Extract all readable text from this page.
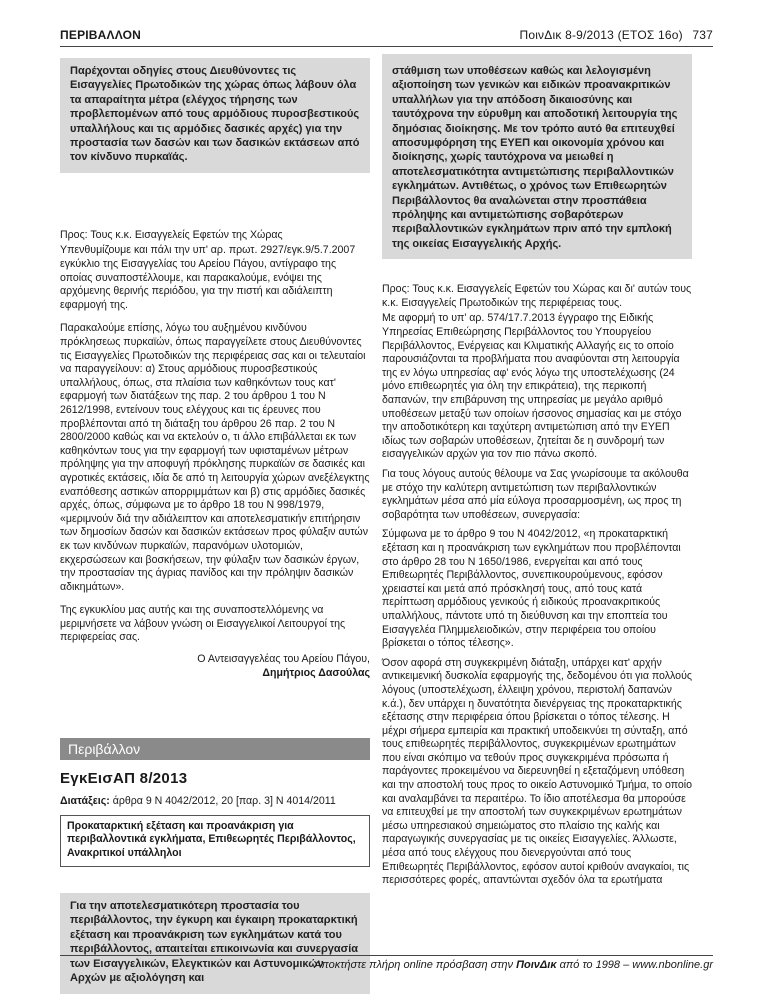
ΠΕΡΙΒΑΛΛΟΝ	ΠοινΔικ 8-9/2013 (ΕΤΟΣ 16ο) 737
Παρέχονται οδηγίες στους Διευθύνοντες τις Εισαγγελίες Πρωτοδικών της χώρας όπως λάβουν όλα τα απαραίτητα μέτρα (ελέγχος τήρησης των προβλεπομένων από τους αρμόδιους πυροσβεστικούς υπαλλήλους και τις αρμόδιες δασικές αρχές) για την προστασία των δασών και των δασικών εκτάσεων από τον κίνδυνο πυρκαϊάς.
Προς: Τους κ.κ. Εισαγγελείς Εφετών της Χώρας
Υπενθυμίζουμε και πάλι την υπ' αρ. πρωτ. 2927/εγκ.9/5.7.2007 εγκύκλιο της Εισαγγελίας του Αρείου Πάγου, αντίγραφο της οποίας συναποστέλλουμε, και παρακαλούμε, ενόψει της αρχόμενης θερινής περιόδου, για την πιστή και αδιάλειπτη εφαρμογή της.
Παρακαλούμε επίσης, λόγω του αυξημένου κινδύνου πρόκλησεως πυρκαϊών, όπως παραγγείλετε στους Διευθύνοντες τις Εισαγγελίες Πρωτοδικών της περιφέρειας σας και οι τελευταίοι να παραγγείλουν: α) Στους αρμόδιους πυροσβεστικούς υπαλλήλους, όπως, στα πλαίσια των καθηκόντων τους κατ' εφαρμογή των διατάξεων της παρ. 2 του άρθρου 1 του Ν 2612/1998, εντείνουν τους ελέγχους και τις έρευνες που προβλέπονται από τη διάταξη του άρθρου 26 παρ. 2 του Ν 2800/2000 καθώς και να εκτελούν ο, τι άλλο επιβάλλεται εκ των καθηκόντων τους για την εφαρμογή των υφισταμένων μέτρων πρόληψης για την αποφυγή πρόκλησης πυρκαϊών σε δασικές και αγροτικές εκτάσεις, ιδία δε από τη λειτουργία χώρων ανεξέλεγκτης εναπόθεσης αστικών απορριμμάτων και β) στις αρμόδιες δασικές αρχές, όπως, σύμφωνα με το άρθρο 18 του Ν 998/1979, «μεριμνούν διά την αδιάλειπτον και αποτελεσματικήν επιτήρησιν των δημοσίων δασών και δασικών εκτάσεων προς φύλαξιν αυτών εκ των κινδύνων πυρκαϊών, παρανόμων υλοτομιών, εκχερσώσεων και βοσκήσεων, την φύλαξιν των δασικών έργων, την προστασίαν της άγριας πανίδος και την πρόληψιν δασικών αδικημάτων».
Της εγκυκλίου μας αυτής και της συναποστελλόμενης να μεριμνήσετε να λάβουν γνώση οι Εισαγγελικοί Λειτουργοί της περιφερείας σας.
Ο Αντεισαγγελέας του Αρείου Πάγου,
Δημήτριος Δασούλας
Περιβάλλον
ΕγκΕισΑΠ 8/2013
Διατάξεις: άρθρα 9 Ν 4042/2012, 20 [παρ. 3] Ν 4014/2011
Προκαταρκτική εξέταση και προανάκριση για περιβαλλοντικά εγκλήματα, Επιθεωρητές Περιβάλλοντος, Ανακριτικοί υπάλληλοι
Για την αποτελεσματικότερη προστασία του περιβάλλοντος, την έγκυρη και έγκαιρη προκαταρκτική εξέταση και προανάκριση των εγκλημάτων κατά του περιβάλλοντος, απαιτείται επικοινωνία και συνεργασία των Εισαγγελικών, Ελεγκτικών και Αστυνομικών Αρχών με αξιολόγηση και
στάθμιση των υποθέσεων καθώς και λελογισμένη αξιοποίηση των γενικών και ειδικών προανακριτικών υπαλλήλων για την απόδοση δικαιοσύνης και ταυτόχρονα την εύρυθμη και αποδοτική λειτουργία της δημόσιας διοίκησης. Με τον τρόπο αυτό θα επιτευχθεί αποσυμφόρηση της ΕΥΕΠ και οικονομία χρόνου και διοίκησης, χωρίς ταυτόχρονα να μειωθεί η αποτελεσματικότητα αντιμετώπισης περιβαλλοντικών εγκλημάτων. Αντιθέτως, ο χρόνος των Επιθεωρητών Περιβάλλοντος θα αναλώνεται στην προσπάθεια πρόληψης και αντιμετώπισης σοβαρότερων περιβαλλοντικών εγκλημάτων πριν από την εμπλοκή της οικείας Εισαγγελικής Αρχής.
Προς: Τους κ.κ. Εισαγγελείς Εφετών του Χώρας και δι' αυτών τους κ.κ. Εισαγγελείς Πρωτοδικών της περιφέρειας τους.
Με αφορμή το υπ' αρ. 574/17.7.2013 έγγραφο της Ειδικής Υπηρεσίας Επιθεώρησης Περιβάλλοντος του Υπουργείου Περιβάλλοντος, Ενέργειας και Κλιματικής Αλλαγής εις το οποίο παρουσιάζονται τα προβλήματα που αναφύονται στη λειτουργία της εν λόγω υπηρεσίας αφ' ενός λόγω της υποστελέχωσης (24 μόνο επιθεωρητές για όλη την επικράτεια), της περικοπή δαπανών, την επιβάρυνση της υπηρεσίας με μεγάλο αριθμό υποθέσεων μεταξύ των οποίων ήσσονος σημασίας και με στόχο την αποδοτικότερη και ταχύτερη αντιμετώπιση από την ΕΥΕΠ ιδίως των σοβαρών υποθέσεων, ζητείται δε η συνδρομή των εισαγγελικών αρχών για τον πιο πάνω σκοπό.
Για τους λόγους αυτούς θέλουμε να Σας γνωρίσουμε τα ακόλουθα με στόχο την καλύτερη αντιμετώπιση των περιβαλλοντικών εγκλημάτων μέσα από μία εύλογα προσαρμοσμένη, ως προς τη σοβαρότητα των υποθέσεων, συνεργασία:
Σύμφωνα με το άρθρο 9 του Ν 4042/2012, «η προκαταρκτική εξέταση και η προανάκριση των εγκλημάτων που προβλέπονται στο άρθρο 28 του Ν 1650/1986, ενεργείται και από τους Επιθεωρητές Περιβάλλοντος, συνεπικουρούμενους, εφόσον χρειαστεί και μετά από πρόσκλησή τους, από τους κατά περίπτωση αρμόδιους γενικούς ή ειδικούς προανακριτικούς υπαλλήλους, πάντοτε υπό τη διεύθυνση και την εποπτεία του Εισαγγελέα Πλημμελειοδικών, στην περιφέρεια του οποίου βρίσκεται ο τόπος τέλεσης».
Όσον αφορά στη συγκεκριμένη διάταξη, υπάρχει κατ' αρχήν αντικειμενική δυσκολία εφαρμογής της, δεδομένου ότι για πολλούς λόγους (υποστελέχωση, έλλειψη χρόνου, περιστολή δαπανών κ.ά.), δεν υπάρχει η δυνατότητα διενέργειας της προκαταρκτικής εξέτασης στην περιφέρεια όπου βρίσκεται ο τόπος τέλεσης. Η μέχρι σήμερα εμπειρία και πρακτική υποδεικνύει τη σύνταξη, από τους επιθεωρητές περιβάλλοντος, συγκεκριμένων ερωτημάτων που είναι σκόπιμο να τεθούν προς συγκεκριμένα πρόσωπα ή παράγοντες προκειμένου να διερευνηθεί η εξεταζόμενη υπόθεση και την αποστολή τους προς το οικείο Αστυνομικό Τμήμα, το οποίο και αναλαμβάνει τα περαιτέρω. Το ίδιο αποτέλεσμα θα μπορούσε να επιτευχθεί με την αποστολή των συγκεκριμένων ερωτημάτων μέσω υπηρεσιακού σημειώματος στο πλαίσιο της καλής και παραγωγικής συνεργασίας με τις οικείες Εισαγγελίες. Άλλωστε, μέσα από τους ελέγχους που διενεργούνται από τους Επιθεωρητές Περιβάλλοντος, εφόσον αυτοί κριθούν αναγκαίοι, τις περισσότερες φορές, απαντώνται σχεδόν όλα τα ερωτήματα
Αποκτήστε πλήρη online πρόσβαση στην ΠοινΔικ από το 1998 – www.nbonline.gr
